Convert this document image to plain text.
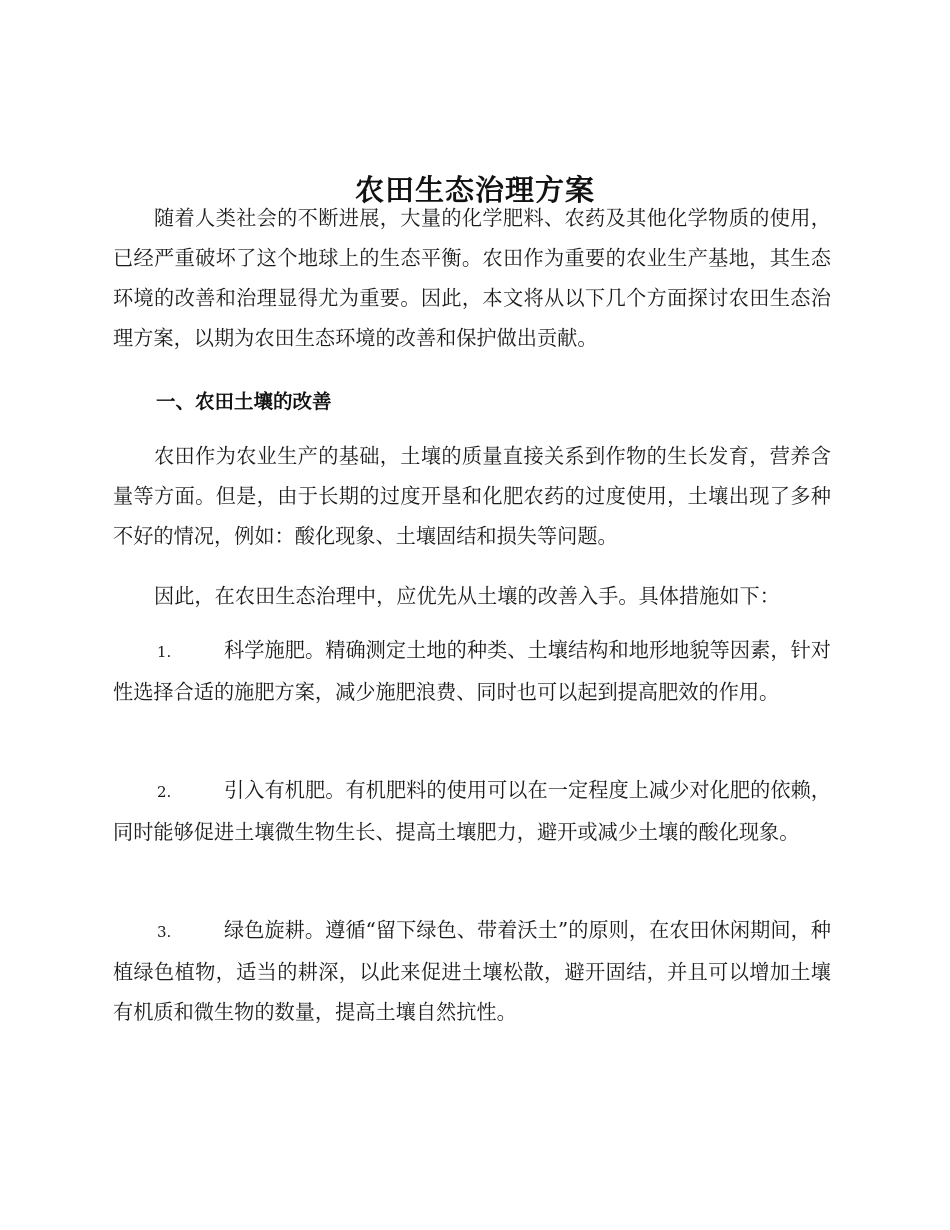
农田生态治理方案

随着人类社会的不断进展，大量的化学肥料、农药及其他化学物质的使用，已经严重破坏了这个地球上的生态平衡。农田作为重要的农业生产基地，其生态环境的改善和治理显得尤为重要。因此，本文将从以下几个方面探讨农田生态治理方案，以期为农田生态环境的改善和保护做出贡献。

一、农田土壤的改善

农田作为农业生产的基础，土壤的质量直接关系到作物的生长发育，营养含量等方面。但是，由于长期的过度开垦和化肥农药的过度使用，土壤出现了多种不好的情况，例如：酸化现象、土壤固结和损失等问题。

因此，在农田生态治理中，应优先从土壤的改善入手。具体措施如下：

1.	科学施肥。精确测定土地的种类、土壤结构和地形地貌等因素，针对性选择合适的施肥方案，减少施肥浪费、同时也可以起到提高肥效的作用。

2.	引入有机肥。有机肥料的使用可以在一定程度上减少对化肥的依赖，同时能够促进土壤微生物生长、提高土壤肥力，避开或减少土壤的酸化现象。

3.	绿色旋耕。遵循“留下绿色、带着沃土”的原则，在农田休闲期间，种植绿色植物，适当的耕深，以此来促进土壤松散，避开固结，并且可以增加土壤有机质和微生物的数量，提高土壤自然抗性。
